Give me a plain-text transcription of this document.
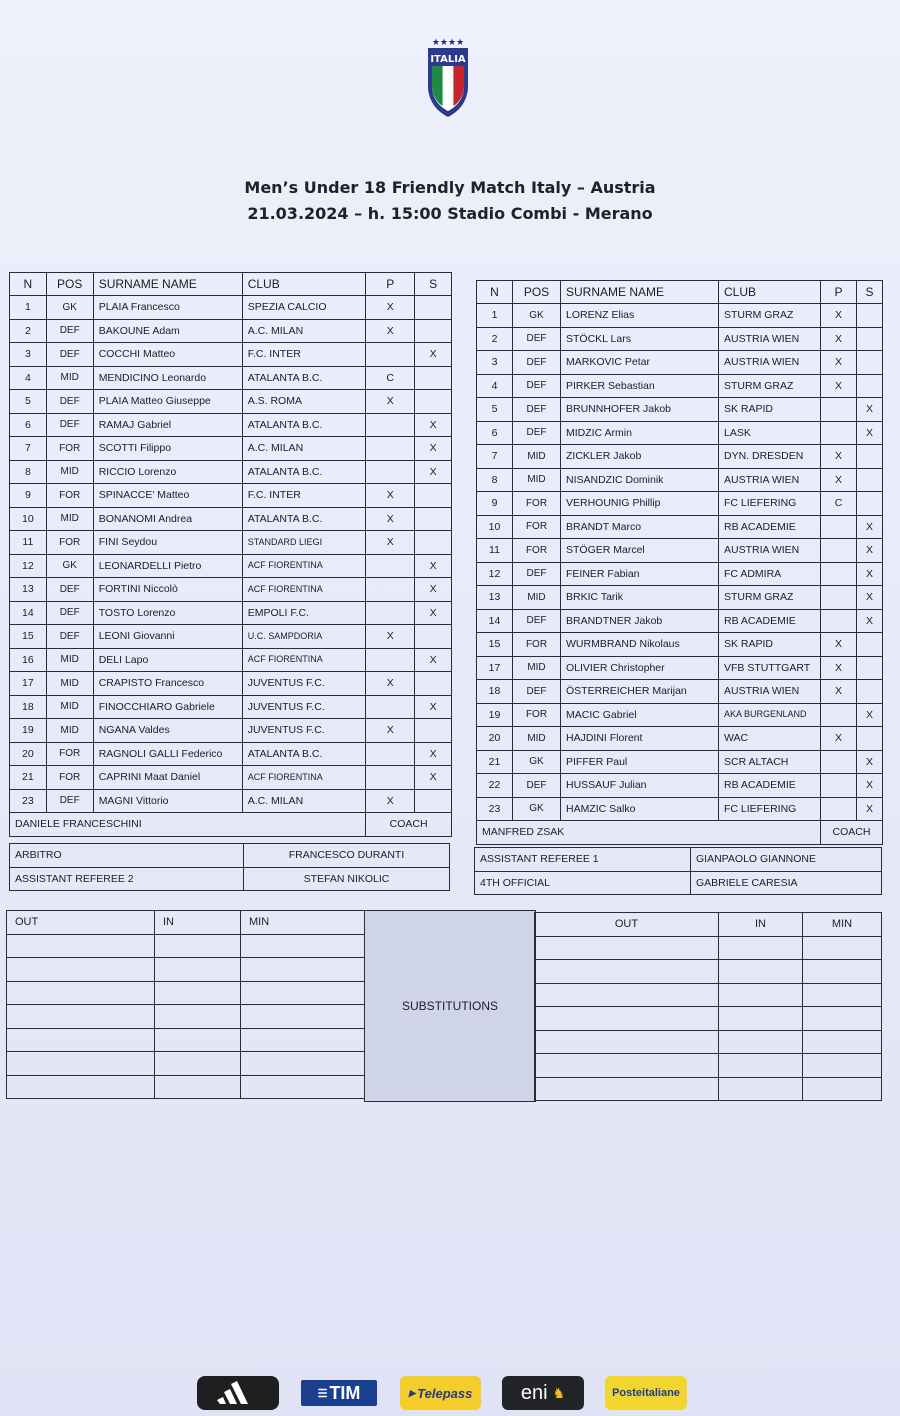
★★★★
ITALIA
Men’s Under 18 Friendly Match Italy – Austria
21.03.2024 – h. 15:00 Stadio Combi - Merano
N	POS	SURNAME NAME	CLUB	P	S
1	GK	PLAIA Francesco	SPEZIA CALCIO	X	
2	DEF	BAKOUNE Adam	A.C. MILAN	X	
3	DEF	COCCHI Matteo	F.C. INTER		X
4	MID	MENDICINO Leonardo	ATALANTA B.C.	C	
5	DEF	PLAIA Matteo Giuseppe	A.S. ROMA	X	
6	DEF	RAMAJ Gabriel	ATALANTA B.C.		X
7	FOR	SCOTTI Filippo	A.C. MILAN		X
8	MID	RICCIO Lorenzo	ATALANTA B.C.		X
9	FOR	SPINACCE’ Matteo	F.C. INTER	X	
10	MID	BONANOMI Andrea	ATALANTA B.C.	X	
11	FOR	FINI Seydou	STANDARD LIEGI	X	
12	GK	LEONARDELLI Pietro	ACF FIORENTINA		X
13	DEF	FORTINI Niccolò	ACF FIORENTINA		X
14	DEF	TOSTO Lorenzo	EMPOLI F.C.		X
15	DEF	LEONI Giovanni	U.C. SAMPDORIA	X	
16	MID	DELI Lapo	ACF FIORENTINA		X
17	MID	CRAPISTO Francesco	JUVENTUS F.C.	X	
18	MID	FINOCCHIARO Gabriele	JUVENTUS F.C.		X
19	MID	NGANA Valdes	JUVENTUS F.C.	X	
20	FOR	RAGNOLI GALLI Federico	ATALANTA B.C.		X
21	FOR	CAPRINI Maat Daniel	ACF FIORENTINA		X
23	DEF	MAGNI Vittorio	A.C. MILAN	X	
DANIELE FRANCESCHINI				COACH	
ARBITRO	FRANCESCO DURANTI
ASSISTANT REFEREE 2	STEFAN NIKOLIC
N	POS	SURNAME NAME	CLUB	P	S
1	GK	LORENZ Elias	STURM GRAZ	X	
2	DEF	STÖCKL Lars	AUSTRIA WIEN	X	
3	DEF	MARKOVIC Petar	AUSTRIA WIEN	X	
4	DEF	PIRKER Sebastian	STURM GRAZ	X	
5	DEF	BRUNNHOFER Jakob	SK RAPID		X
6	DEF	MIDZIC Armin	LASK		X
7	MID	ZICKLER Jakob	DYN. DRESDEN	X	
8	MID	NISANDZIC Dominik	AUSTRIA WIEN	X	
9	FOR	VERHOUNIG Phillip	FC LIEFERING	C	
10	FOR	BRANDT Marco	RB ACADEMIE		X
11	FOR	STÖGER Marcel	AUSTRIA WIEN		X
12	DEF	FEINER Fabian	FC ADMIRA		X
13	MID	BRKIC Tarik	STURM GRAZ		X
14	DEF	BRANDTNER Jakob	RB ACADEMIE		X
15	FOR	WURMBRAND Nikolaus	SK RAPID	X	
17	MID	OLIVIER Christopher	VFB STUTTGART	X	
18	DEF	ÖSTERREICHER Marijan	AUSTRIA WIEN	X	
19	FOR	MACIC Gabriel	AKA BURGENLAND		X
20	MID	HAJDINI Florent	WAC	X	
21	GK	PIFFER Paul	SCR ALTACH		X
22	DEF	HUSSAUF Julian	RB ACADEMIE		X
23	GK	HAMZIC Salko	FC LIEFERING		X
MANFRED ZSAK				COACH	
ASSISTANT REFEREE 1	GIANPAOLO GIANNONE
4TH OFFICIAL	GABRIELE CARESIA
OUT	IN	MIN

SUBSTITUTIONS
OUT	IN	MIN

☰ TIM	▸ Telepass eni ♞	Posteitaliane
